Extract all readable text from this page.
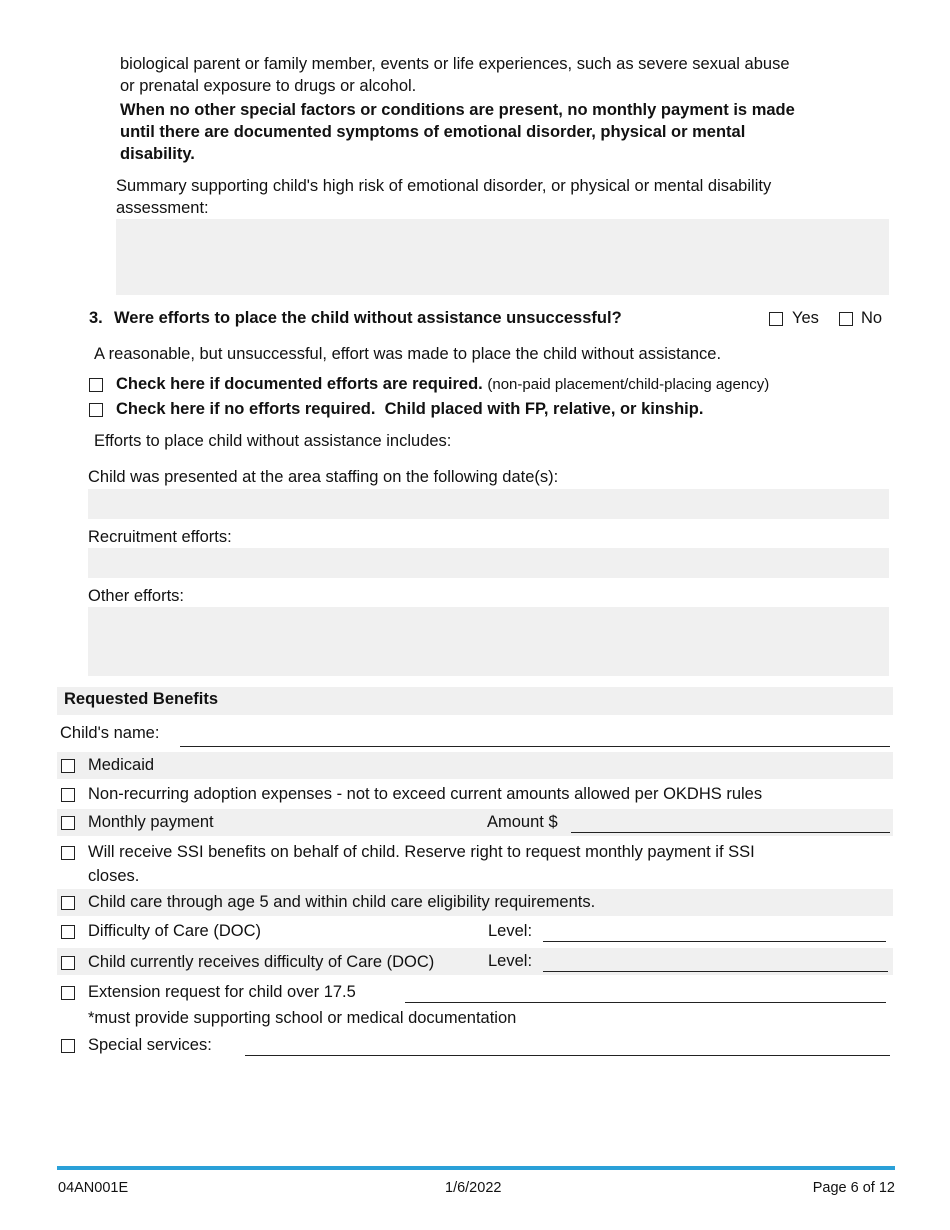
biological parent or family member, events or life experiences, such as severe sexual abuse
or prenatal exposure to drugs or alcohol.
When no other special factors or conditions are present, no monthly payment is made
until there are documented symptoms of emotional disorder, physical or mental
disability.
Summary supporting child's high risk of emotional disorder, or physical or mental disability
assessment:
3. Were efforts to place the child without assistance unsuccessful?	Yes	No
A reasonable, but unsuccessful, effort was made to place the child without assistance.
Check here if documented efforts are required. (non-paid placement/child-placing agency)
Check here if no efforts required.  Child placed with FP, relative, or kinship.
Efforts to place child without assistance includes:
Child was presented at the area staffing on the following date(s):
Recruitment efforts:
Other efforts:
Requested Benefits
Child's name:
Medicaid
Non-recurring adoption expenses - not to exceed current amounts allowed per OKDHS rules
Monthly payment	Amount $
Will receive SSI benefits on behalf of child. Reserve right to request monthly payment if SSI
closes.
Child care through age 5 and within child care eligibility requirements.
Difficulty of Care (DOC)	Level:
Child currently receives difficulty of Care (DOC)	Level:
Extension request for child over 17.5
*must provide supporting school or medical documentation
Special services:
04AN001E	1/6/2022	Page 6 of 12
